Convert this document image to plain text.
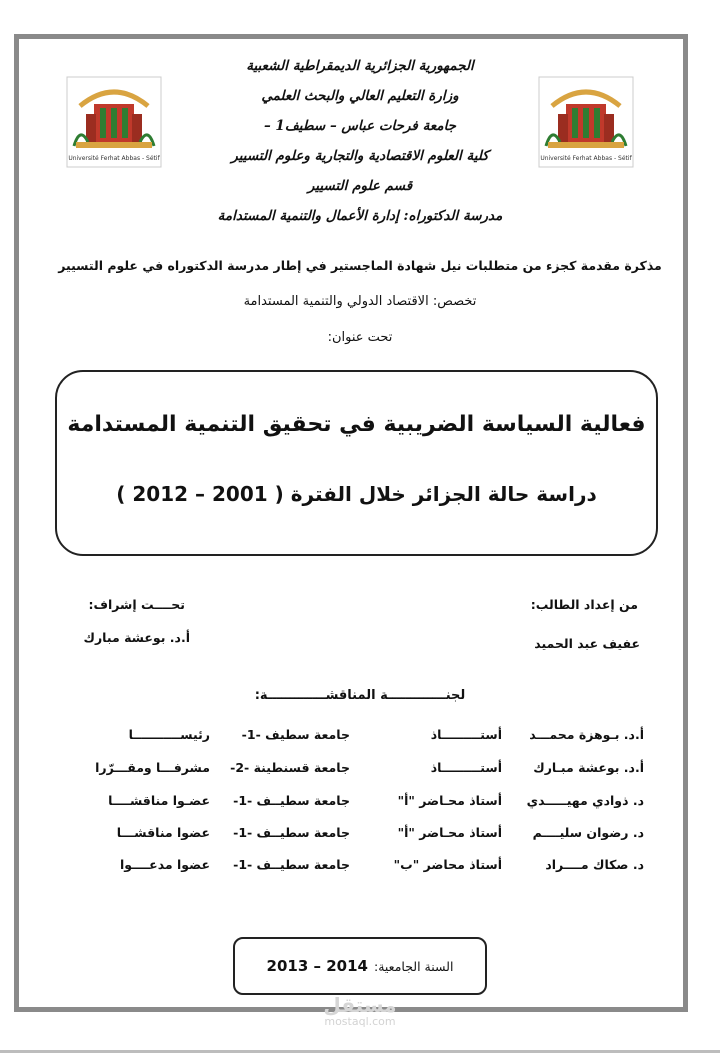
Université Ferhat Abbas - Sétif	Université Ferhat Abbas - Sétif
الجمهورية الجزائرية الديمقراطية الشعبية
وزارة التعليم العالي والبحث العلمي
جامعة فرحات عباس – سطيف1 –
كلية العلوم الاقتصادية والتجارية وعلوم التسيير
قسم علوم التسيير
مدرسة الدكتوراه: إدارة الأعمال والتنمية المستدامة
مذكرة مقدمة كجزء من متطلبات نيل شهادة الماجستير في إطار مدرسة الدكتوراه في علوم التسيير
تخصص: الاقتصاد الدولي والتنمية المستدامة
تحت عنوان:
فعالية السياسة الضريبية في تحقيق التنمية المستدامة
دراسة حالة الجزائر خلال الفترة ( 2001 – 2012 )
من إعداد الطالب:
عفيف عبد الحميد
تحــــت إشراف:
أ.د. بوعشة مبارك
لجنـــــــــــــة المناقشـــــــــــــة:
أ.د. بـوهزة محمـــد
أستـــــــــاذ
جامعة سطيف -1-
رئيســـــــــــا
أ.د. بوعشة مبـارك
أستـــــــــاذ
جامعة قسنطينة -2-
مشرفـــا ومقـــرّرا
د. ذوادي مهيـــــدي
أستاذ محـاضر "أ"
جامعة سطيــف -1-
عضـوا مناقشــــا
د. رضوان سليــــم
أستاذ محـاضر "أ"
جامعة سطيــف -1-
عضوا مناقشـــا
د. صكاك مــــراد
أستاذ محاضر "ب"
جامعة سطيــف -1-
عضوا مدعــــوا
السنة الجامعية:
2013 – 2014
مستقل
mostaql.com
